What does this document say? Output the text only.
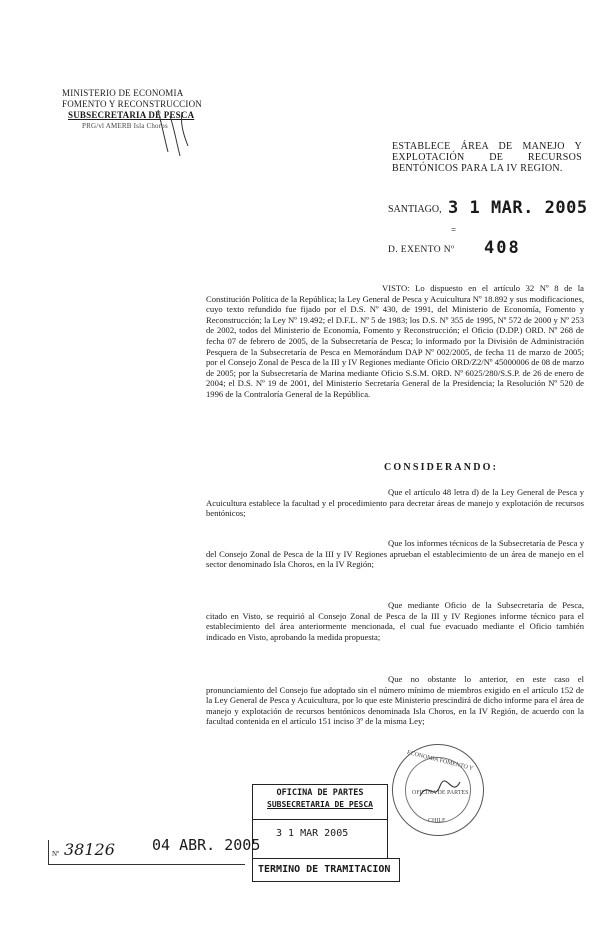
MINISTERIO DE ECONOMIA
FOMENTO Y RECONSTRUCCION
SUBSECRETARIA DE PESCA
PRG/vl AMERB Isla Choros
ESTABLECE ÁREA DE MANEJO Y
EXPLOTACIÓN DE RECURSOS
BENTÓNICOS PARA LA IV REGION.
SANTIAGO, 3 1 MAR. 2005
=
D. EXENTO Nº 408

VISTO: Lo dispuesto en el artículo 32 Nº 8 de la Constitución Política de la República; la Ley General de Pesca y Acuicultura Nº 18.892 y sus modificaciones, cuyo texto refundido fue fijado por el D.S. Nº 430, de 1991, del Ministerio de Economía, Fomento y Reconstrucción; la Ley Nº 19.492; el D.F.L. Nº 5 de 1983; los D.S. Nº 355 de 1995, Nº 572 de 2000 y Nº 253 de 2002, todos del Ministerio de Economía, Fomento y Reconstrucción; el Oficio (D.DP.) ORD. Nº 268 de fecha 07 de febrero de 2005, de la Subsecretaría de Pesca; lo informado por la División de Administración Pesquera de la Subsecretaría de Pesca en Memorándum DAP Nº 002/2005, de fecha 11 de marzo de 2005; por el Consejo Zonal de Pesca de la III y IV Regiones mediante Oficio ORD/Z2/Nº 45000006 de 08 de marzo de 2005; por la Subsecretaría de Marina mediante Oficio S.S.M. ORD. Nº 6025/280/S.S.P. de 26 de enero de 2004; el D.S. Nº 19 de 2001, del Ministerio Secretaría General de la Presidencia; la Resolución Nº 520 de 1996 de la Contraloría General de la República.

CONSIDERANDO:

Que el artículo 48 letra d) de la Ley General de Pesca y Acuicultura establece la facultad y el procedimiento para decretar áreas de manejo y explotación de recursos bentónicos;

Que los informes técnicos de la Subsecretaría de Pesca y del Consejo Zonal de Pesca de la III y IV Regiones aprueban el establecimiento de un área de manejo en el sector denominado Isla Choros, en la IV Región;

Que mediante Oficio de la Subsecretaría de Pesca, citado en Visto, se requirió al Consejo Zonal de Pesca de la III y IV Regiones informe técnico para el establecimiento del área anteriormente mencionada, el cual fue evacuado mediante el Oficio también indicado en Visto, aprobando la medida propuesta;

Que no obstante lo anterior, en este caso el pronunciamiento del Consejo fue adoptado sin el número mínimo de miembros exigido en el artículo 152 de la Ley General de Pesca y Acuicultura, por lo que este Ministerio prescindirá de dicho informe para el área de manejo y explotación de recursos bentónicos denominada Isla Choros, en la IV Región, de acuerdo con la facultad contenida en el artículo 151 inciso 3º de la misma Ley;

OFICINA DE PARTES
SUBSECRETARIA DE PESCA
3 1 MAR 2005
TERMINO DE TRAMITACION
Nº 38126 04 ABR. 2005
ECONOMIA FOMENTO Y
OFICINA DE PARTES
CHILE
